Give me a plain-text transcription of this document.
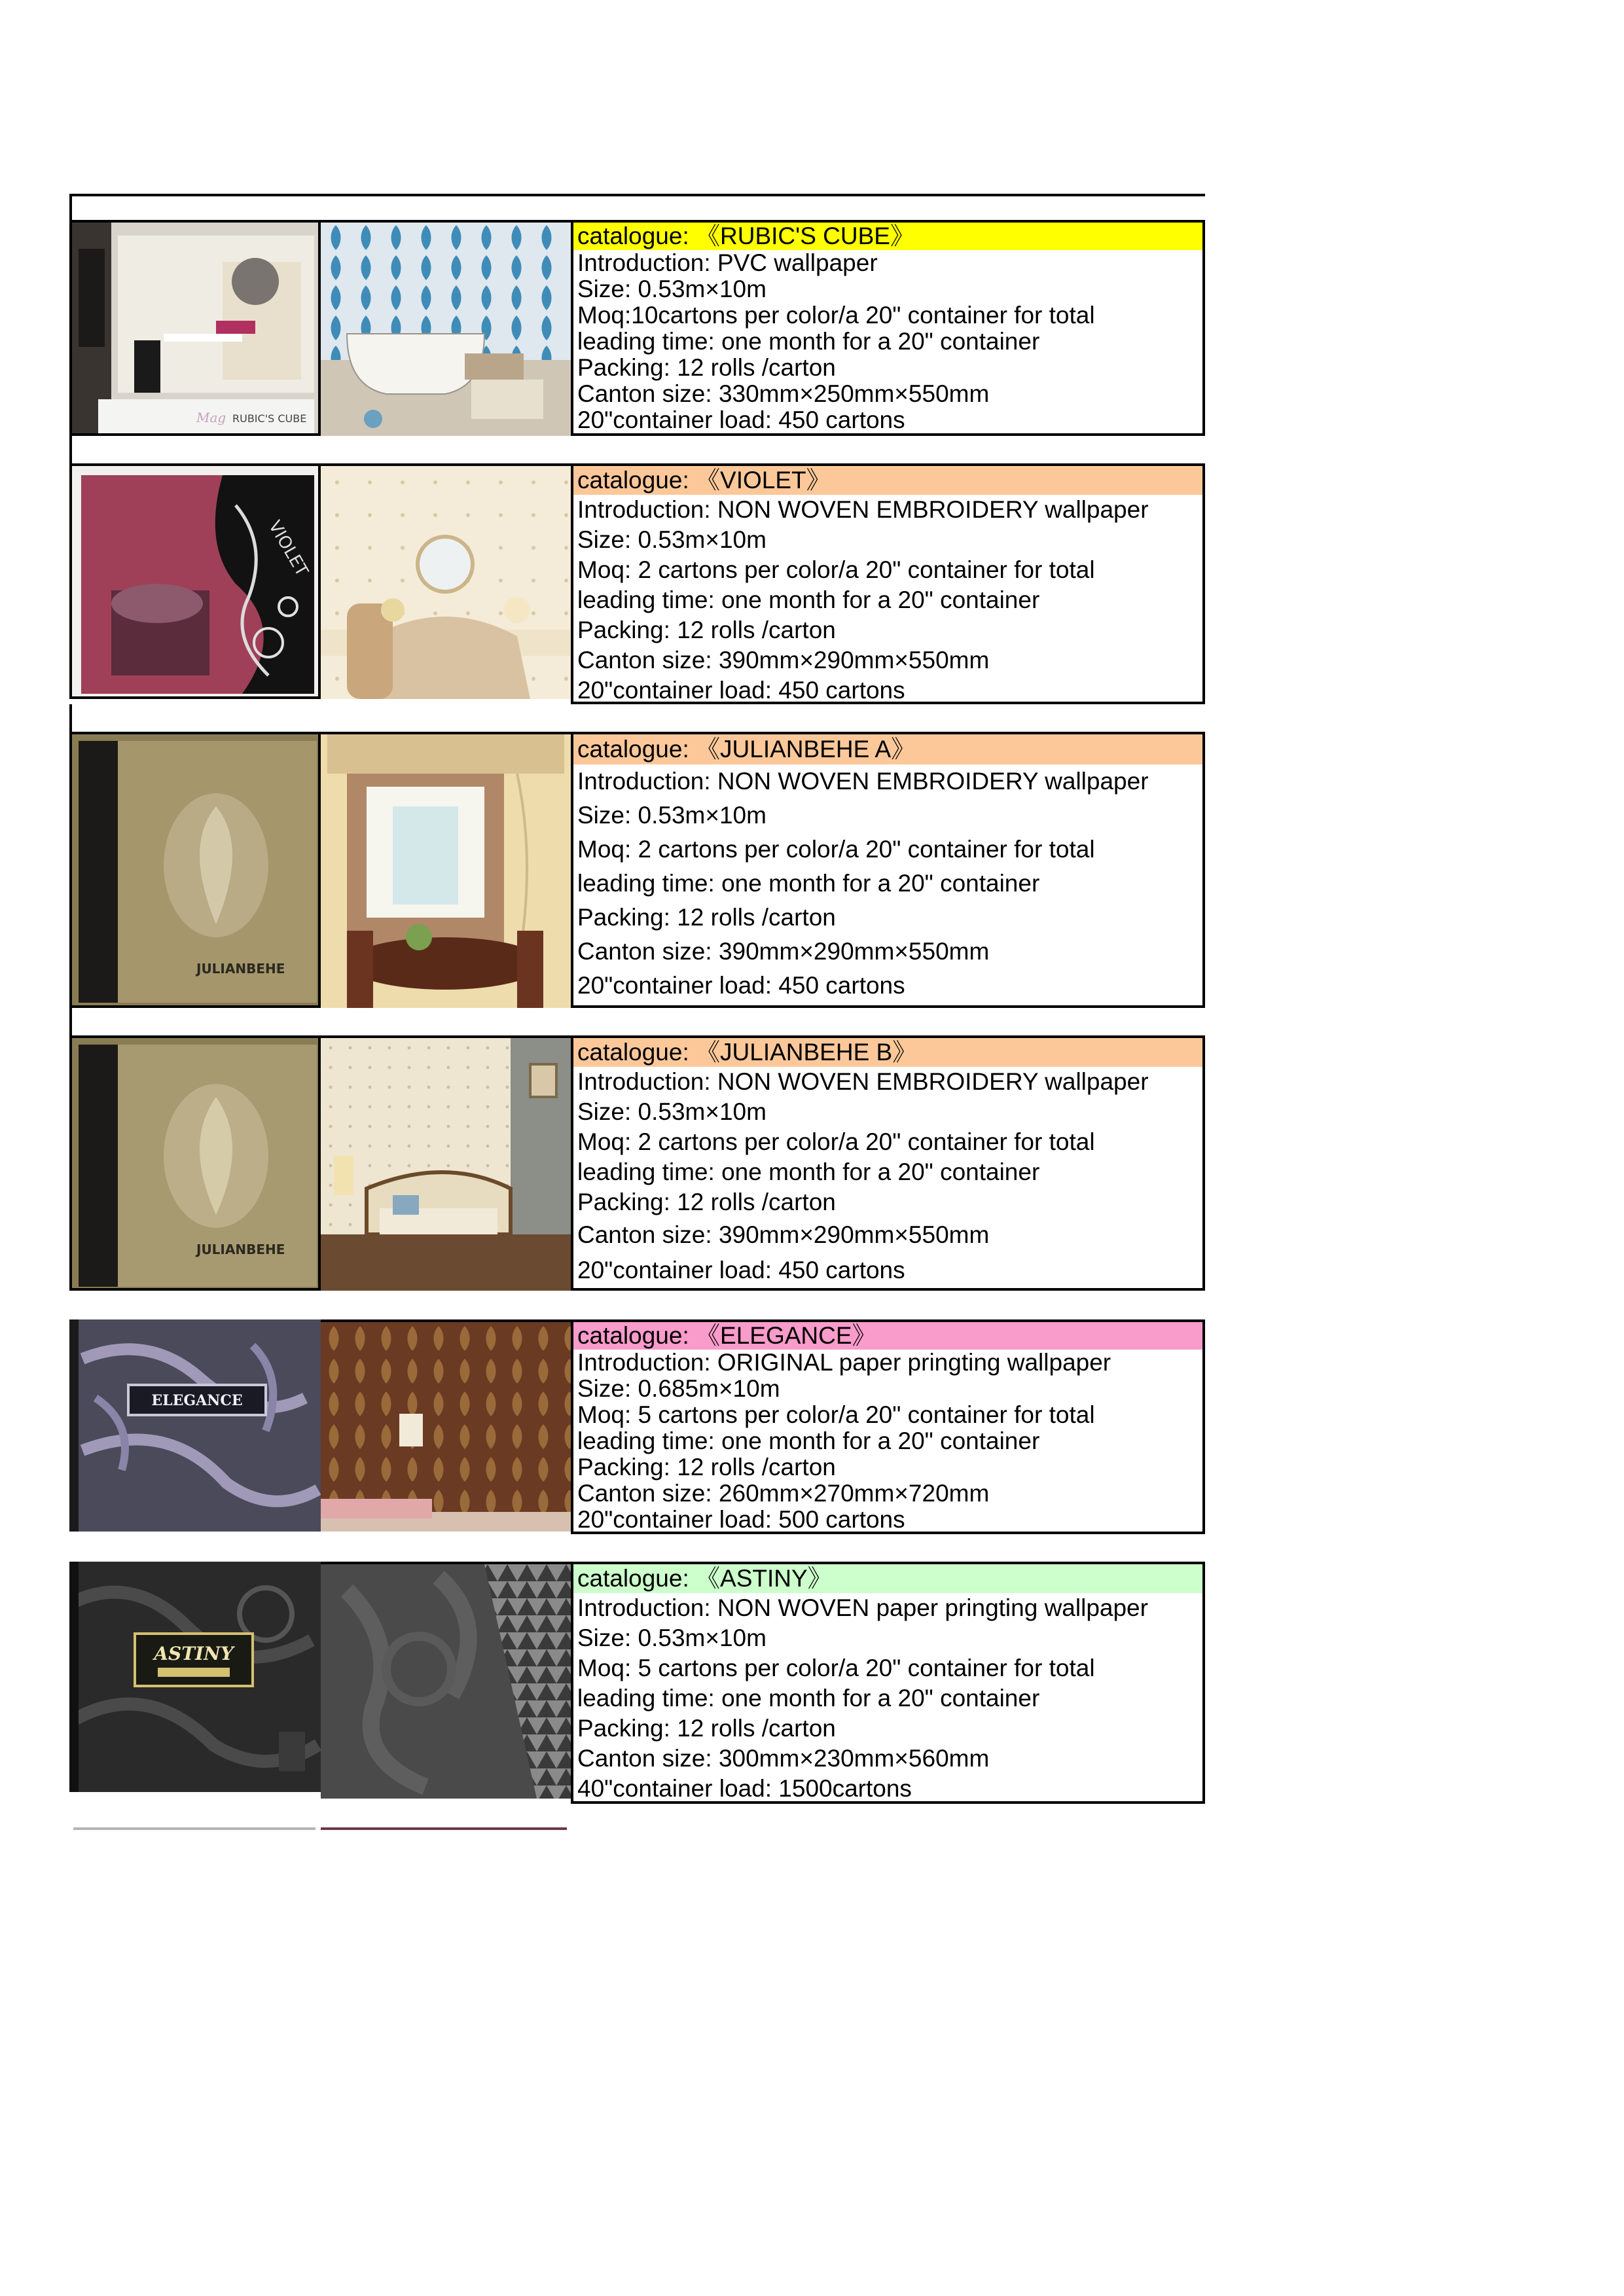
Mag RUBIC'S CUBE
catalogue: 《RUBIC'S CUBE》
Introduction: PVC wallpaper
Size: 0.53m×10m
Moq:10cartons per color/a 20" container for total
leading time: one month for a 20" container
Packing: 12 rolls /carton
Canton size: 330mm×250mm×550mm
20"container load: 450 cartons
VIOLET
catalogue: 《VIOLET》
Introduction: NON WOVEN EMBROIDERY wallpaper
Size: 0.53m×10m
Moq: 2 cartons per color/a 20" container for total
leading time: one month for a 20" container
Packing: 12 rolls /carton
Canton size: 390mm×290mm×550mm
20"container load: 450 cartons
JULIANBEHE
catalogue: 《JULIANBEHE A》
Introduction: NON WOVEN EMBROIDERY wallpaper
Size: 0.53m×10m
Moq: 2 cartons per color/a 20" container for total
leading time: one month for a 20" container
Packing: 12 rolls /carton
Canton size: 390mm×290mm×550mm
20"container load: 450 cartons
JULIANBEHE
catalogue: 《JULIANBEHE B》
Introduction: NON WOVEN EMBROIDERY wallpaper
Size: 0.53m×10m
Moq: 2 cartons per color/a 20" container for total
leading time: one month for a 20" container
Packing: 12 rolls /carton
Canton size: 390mm×290mm×550mm
20"container load: 450 cartons
ELEGANCE
catalogue: 《ELEGANCE》
Introduction: ORIGINAL paper pringting wallpaper
Size: 0.685m×10m
Moq: 5 cartons per color/a 20" container for total
leading time: one month for a 20" container
Packing: 12 rolls /carton
Canton size: 260mm×270mm×720mm
20"container load: 500 cartons
ASTINY
catalogue: 《ASTINY》
Introduction: NON WOVEN paper pringting wallpaper
Size: 0.53m×10m
Moq: 5 cartons per color/a 20" container for total
leading time: one month for a 20" container
Packing: 12 rolls /carton
Canton size: 300mm×230mm×560mm
40"container load: 1500cartons
